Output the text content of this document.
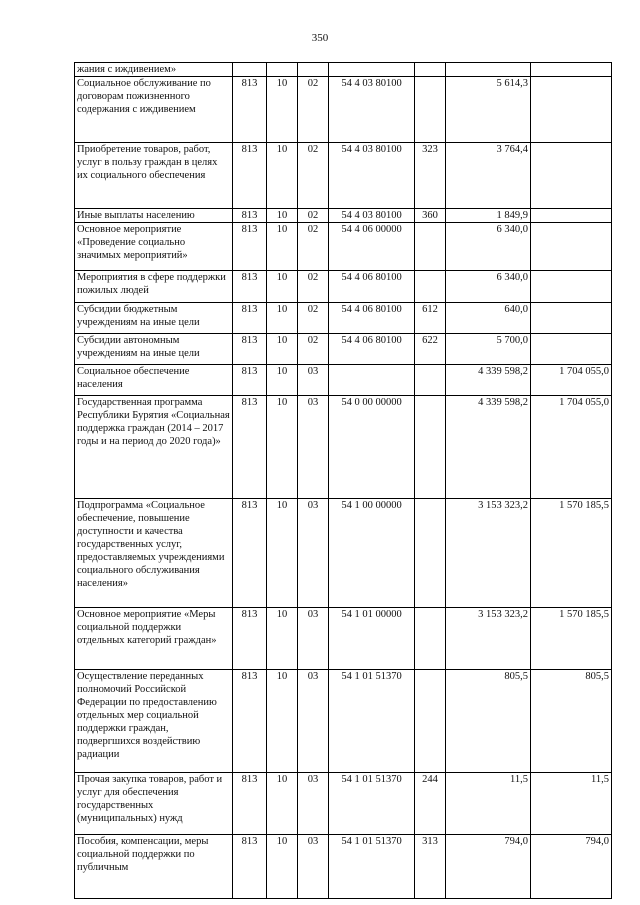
350
жания с иждивением»							
Социальное обслуживание по договорам пожизненного содержания с иждивением	813	10	02	54 4 03 80100		5 614,3	
Приобретение товаров, работ, услуг в пользу граждан в целях их социального обеспечения	813	10	02	54 4 03 80100	323	3 764,4	
Иные выплаты населению	813	10	02	54 4 03 80100	360	1 849,9	
Основное мероприятие «Проведение социально значимых мероприятий»	813	10	02	54 4 06 00000		6 340,0	
Мероприятия в сфере поддержки пожилых людей	813	10	02	54 4 06 80100		6 340,0	
Субсидии бюджетным учреждениям на иные цели	813	10	02	54 4 06 80100	612	640,0	
Субсидии автономным учреждениям на иные цели	813	10	02	54 4 06 80100	622	5 700,0	
Социальное обеспечение населения	813	10	03			4 339 598,2	1 704 055,0
Государственная программа Республики Бурятия «Социальная поддержка граждан (2014 – 2017 годы и на период до 2020 года)»	813	10	03	54 0 00 00000		4 339 598,2	1 704 055,0
Подпрограмма «Социальное обеспечение, повышение доступности и качества государственных услуг, предоставляемых учреждениями социального обслуживания населения»	813	10	03	54 1 00 00000		3 153 323,2	1 570 185,5
Основное мероприятие «Меры социальной поддержки отдельных категорий граждан»	813	10	03	54 1 01 00000		3 153 323,2	1 570 185,5
Осуществление переданных полномочий Российской Федерации по предоставлению отдельных мер социальной поддержки граждан, подвергшихся воздействию радиации	813	10	03	54 1 01 51370		805,5	805,5
Прочая закупка товаров, работ и услуг для обеспечения государственных (муниципальных) нужд	813	10	03	54 1 01 51370	244	11,5	11,5
Пособия, компенсации, меры социальной поддержки по публичным	813	10	03	54 1 01 51370	313	794,0	794,0
